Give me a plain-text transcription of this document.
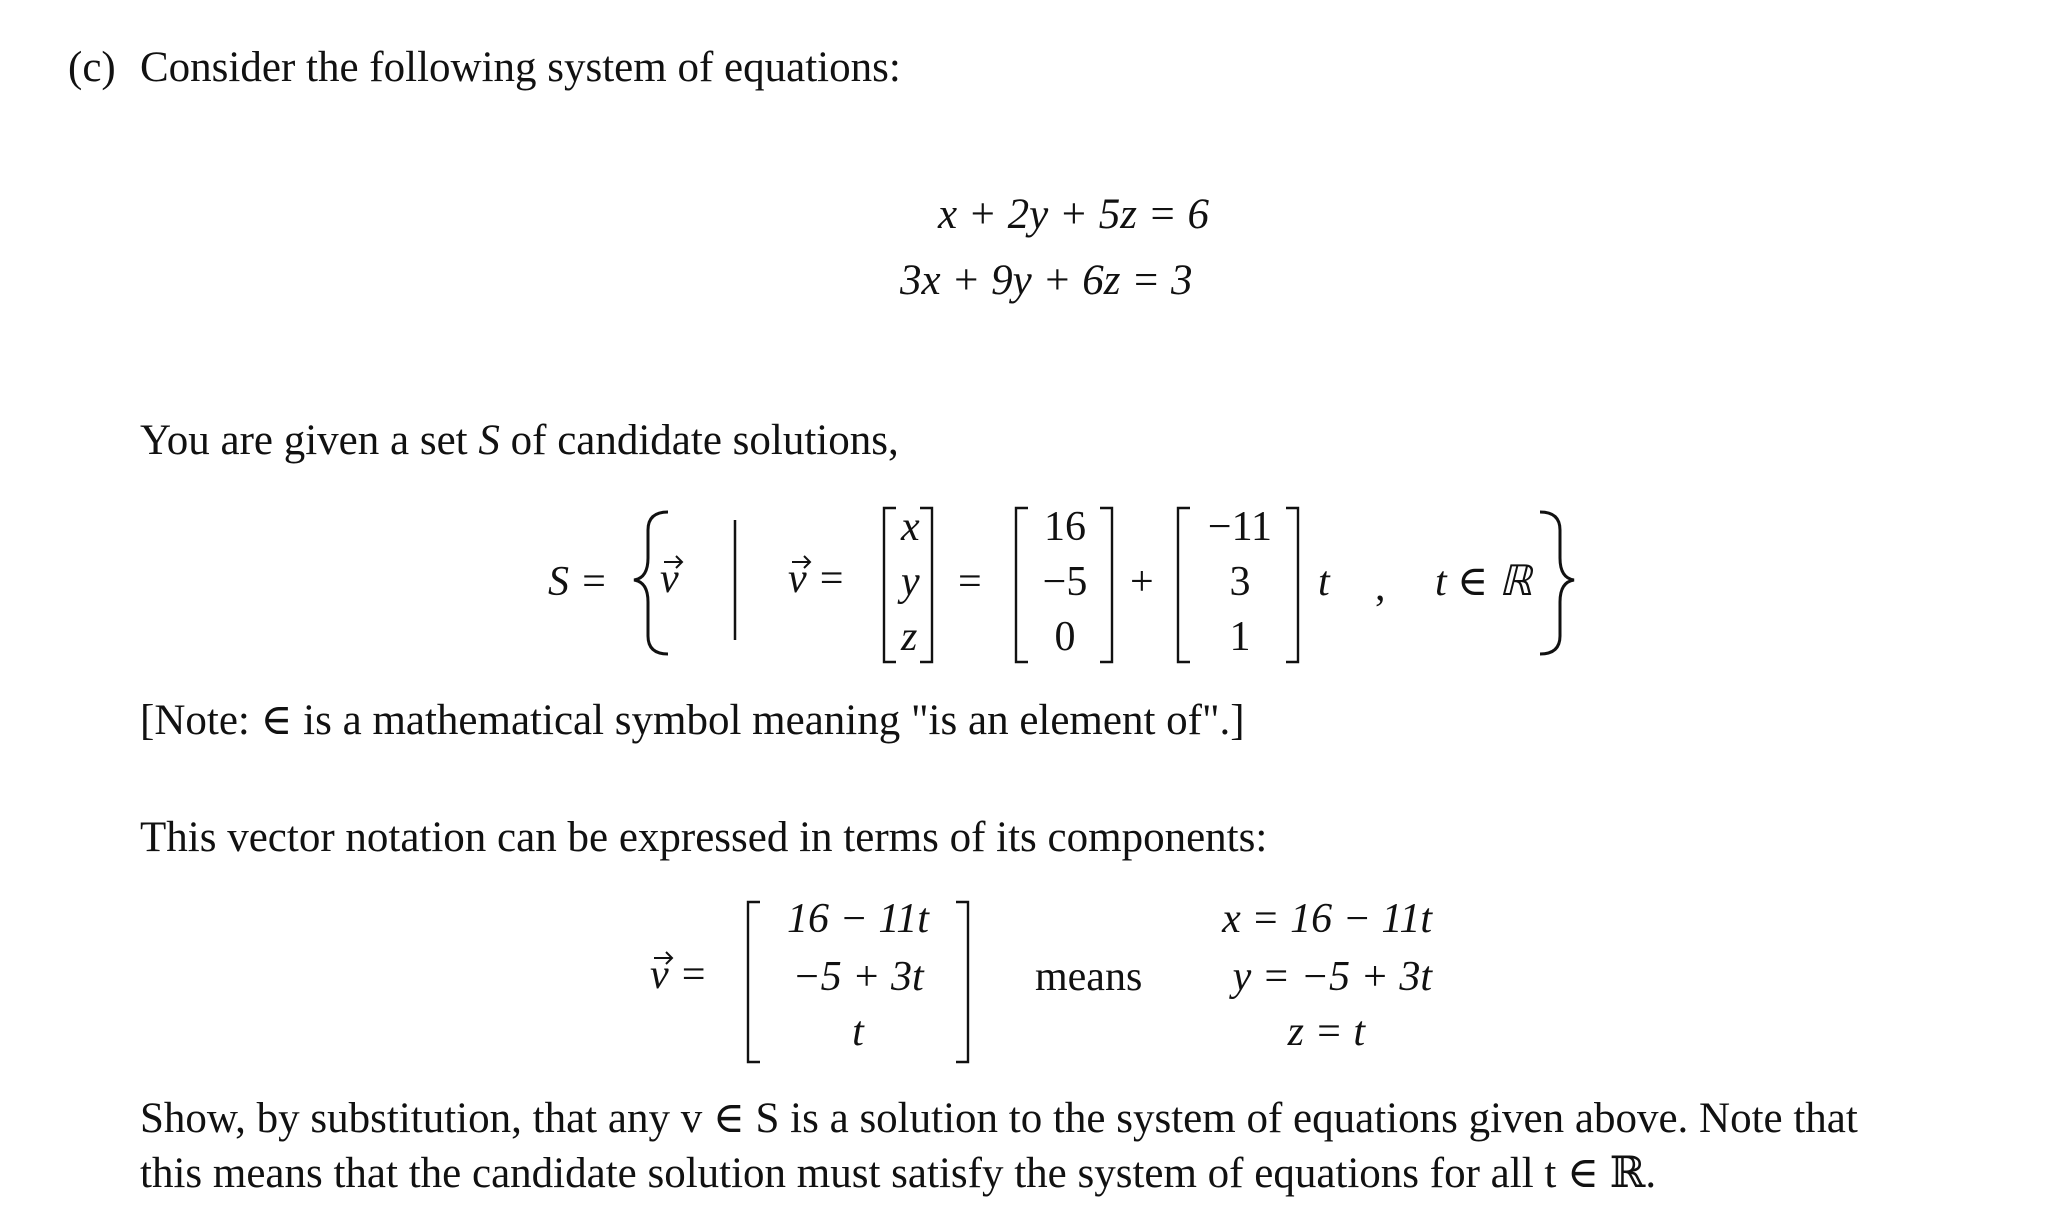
(c) Consider the following system of equations:
x + 2y + 5z = 6
3x + 9y + 6z = 3
You are given a set S of candidate solutions,
S = v	v =
x
y
z
=
16
−5
0
+
−11
3
1
t , t ∈ ℝ
[Note: ∈ is a mathematical symbol meaning "is an element of".]
This vector notation can be expressed in terms of its components:
v =
16 − 11t
−5 + 3t
t
means
x = 16 − 11t
y = −5 + 3t
z = t
Show, by substitution, that any v ∈ S is a solution to the system of equations given above. Note that
this means that the candidate solution must satisfy the system of equations for all t ∈ ℝ.
